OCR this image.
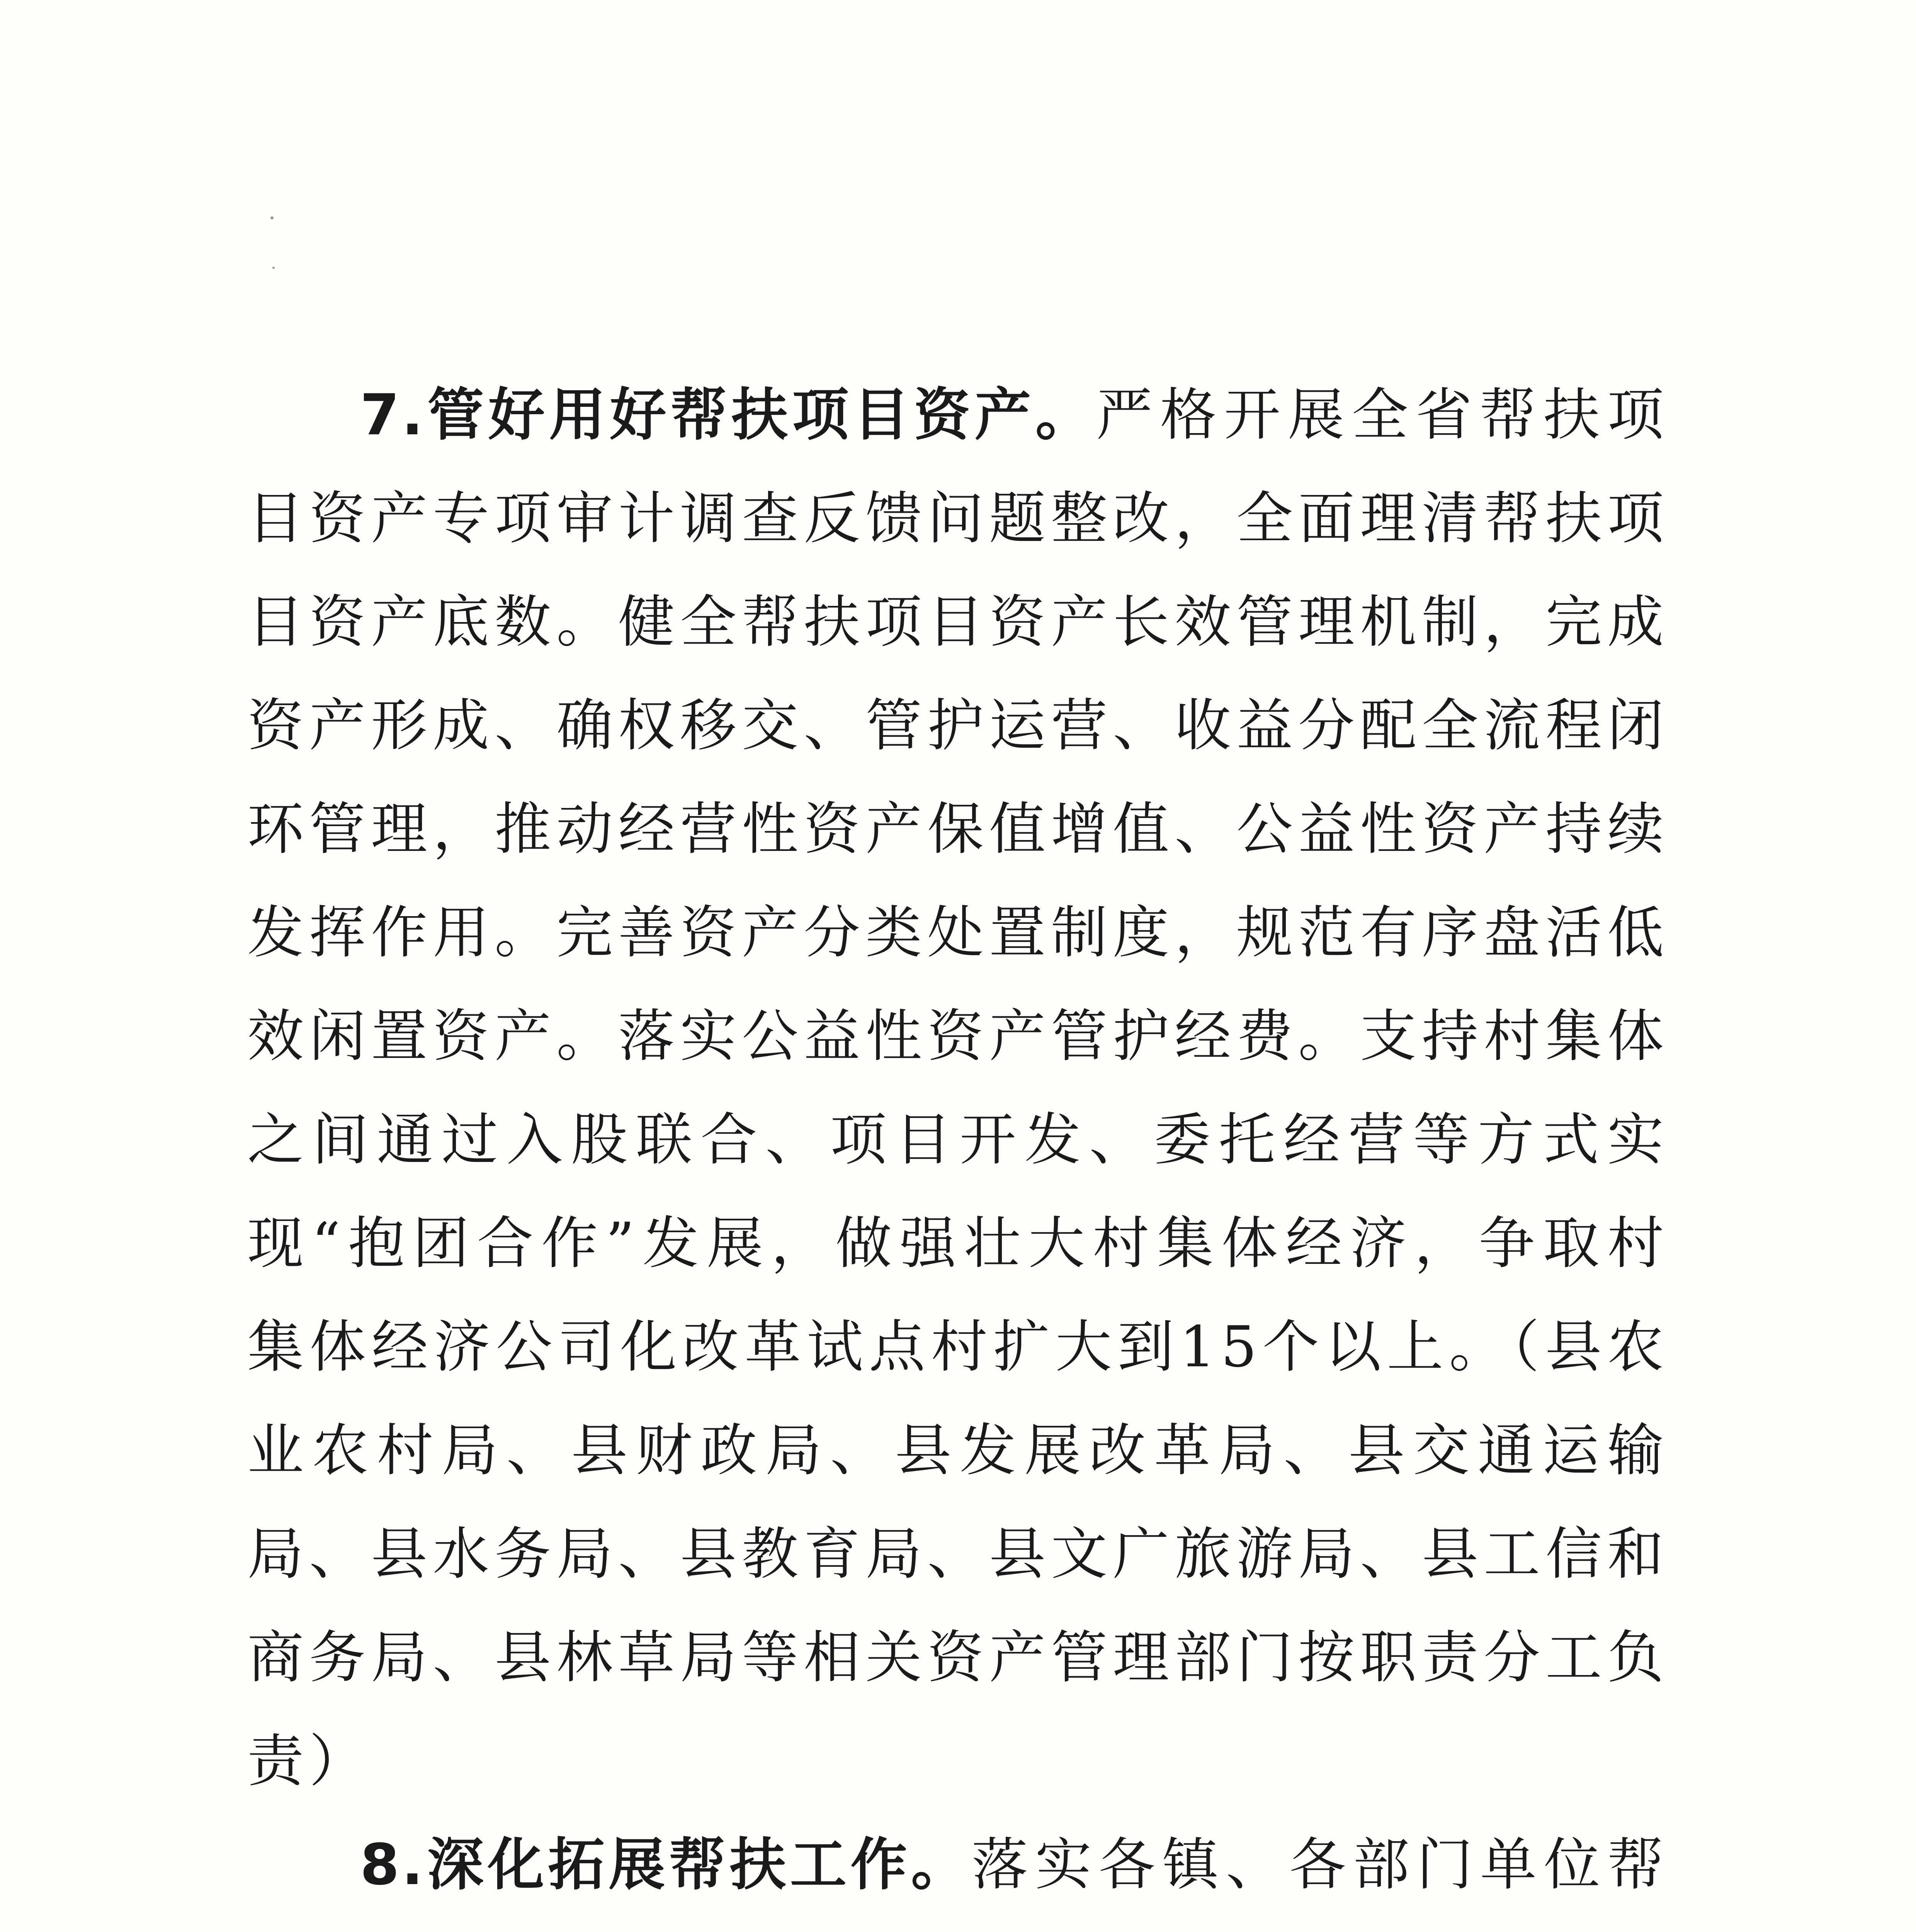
7.管好用好帮扶项目资产。严格开展全省帮扶项目资产专项审计调查反馈问题整改，全面理清帮扶项目资产底数。健全帮扶项目资产长效管理机制，完成资产形成、确权移交、管护运营、收益分配全流程闭环管理，推动经营性资产保值增值、公益性资产持续发挥作用。完善资产分类处置制度，规范有序盘活低效闲置资产。落实公益性资产管护经费。支持村集体之间通过入股联合、项目开发、委托经营等方式实现“抱团合作”发展，做强壮大村集体经济，争取村集体经济公司化改革试点村扩大到15个以上。（县农业农村局、县财政局、县发展改革局、县交通运输局、县水务局、县教育局、县文广旅游局、县工信和商务局、县林草局等相关资产管理部门按职责分工负责）

8.深化拓展帮扶工作。落实各镇、各部门单位帮
